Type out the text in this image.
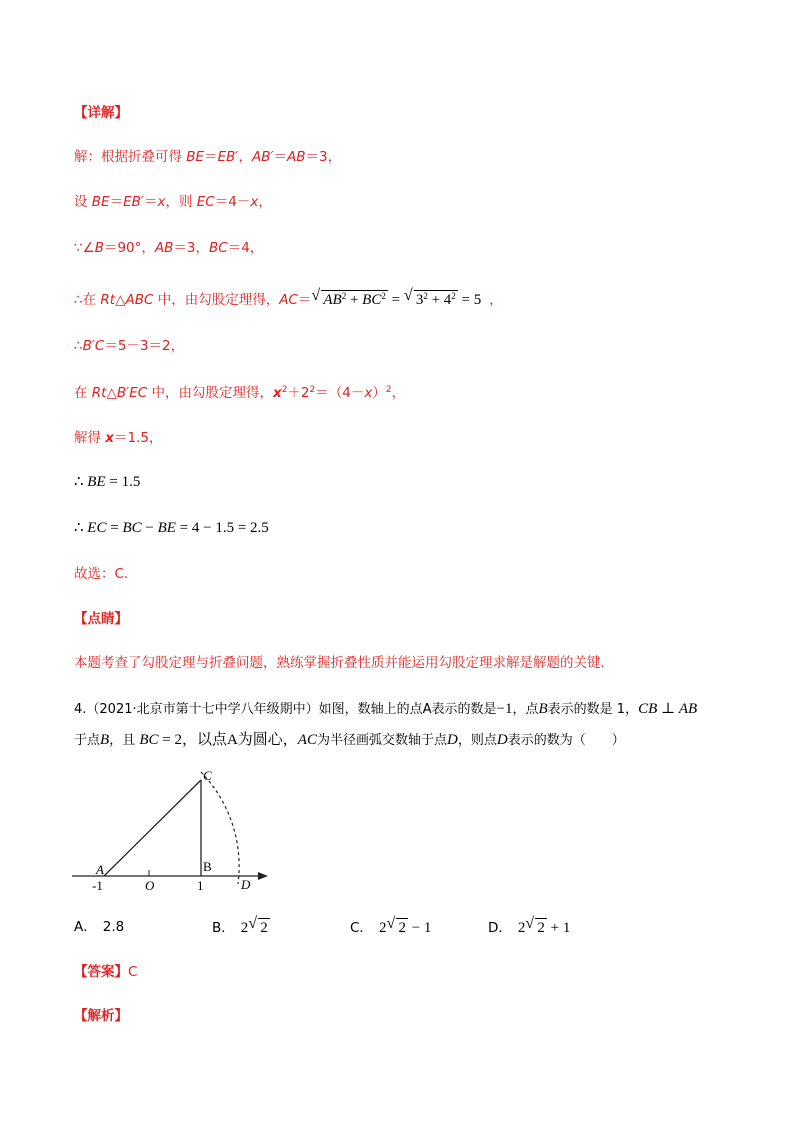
【详解】
解：根据折叠可得 BE＝EB′，AB′＝AB＝3，
设 BE＝EB′＝x，则 EC＝4－x，
∵∠B＝90°，AB＝3，BC＝4，
∴在 Rt△ABC 中，由勾股定理得，AC＝ √ $AB^2 + BC^2$ = √ $3^2 + 4^2 = 5$ ，
∴B′C＝5－3＝2，
在 Rt△B′EC 中，由勾股定理得，$x^2+2^2=(4-x)^2$，
解得 x＝1.5，
∴ BE = 1.5
∴ EC = BC − BE = 4 − 1.5 = 2.5
故选：C．
【点睛】
本题考查了勾股定理与折叠问题，熟练掌握折叠性质并能运用勾股定理求解是解题的关键．
4.（2021·北京市第十七中学八年级期中）如图，数轴上的点A表示的数是−1，点B表示的数是 1，CB ⊥ AB
于点B，且 BC = 2，以点A为圆心，AC为半径画弧交数轴于点D，则点D表示的数为（　　）
A	B
C
D
-1	O	1
A． 2.8	B． 2 √ 2	C． 2 √ 2 − 1	D． 2 √ 2 + 1
【答案】C
【解析】
